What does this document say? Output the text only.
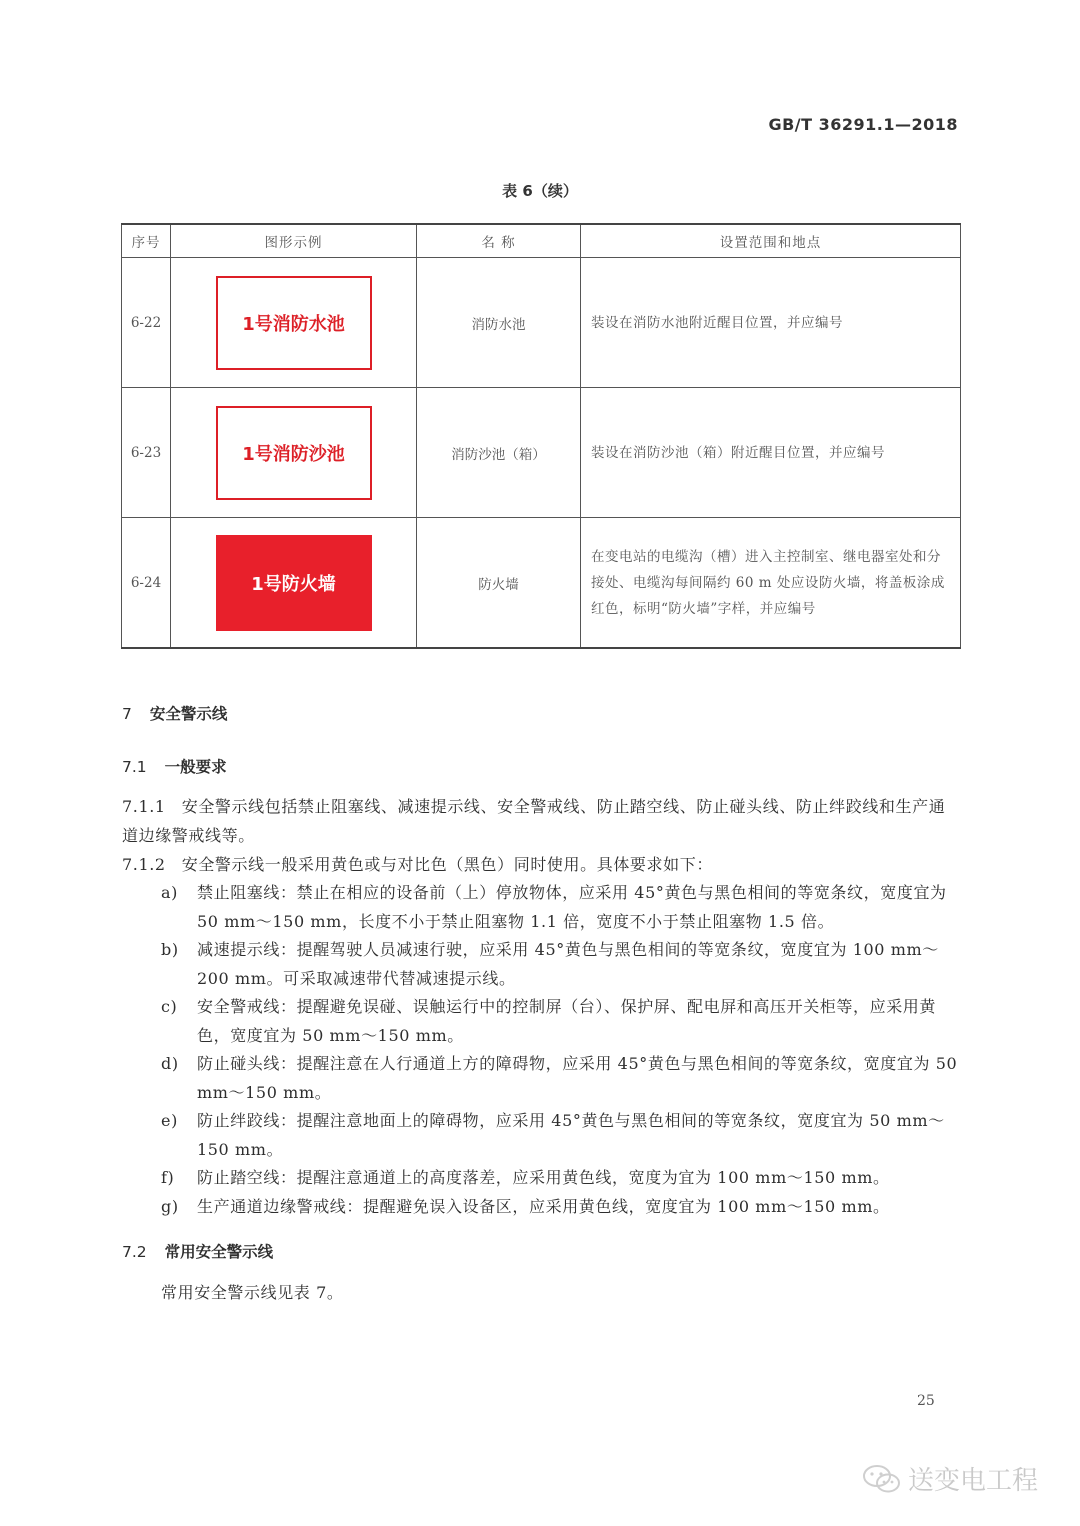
GB/T 36291.1—2018
表 6（续）
序号	图形示例	名 称	设置范围和地点
6-22	1号消防水池	消防水池	装设在消防水池附近醒目位置，并应编号
6-23	1号消防沙池	消防沙池（箱）	装设在消防沙池（箱）附近醒目位置，并应编号
6-24	1号防火墙	防火墙	在变电站的电缆沟（槽）进入主控制室、继电器室处和分接处、电缆沟每间隔约 60 m 处应设防火墙，将盖板涂成红色，标明“防火墙”字样，并应编号
7 安全警示线
7.1 一般要求
7.1.1 安全警示线包括禁止阻塞线、减速提示线、安全警戒线、防止踏空线、防止碰头线、防止绊跤线和生产通道边缘警戒线等。
7.1.2 安全警示线一般采用黄色或与对比色（黑色）同时使用。具体要求如下：
a)	禁止阻塞线：禁止在相应的设备前（上）停放物体，应采用 45°黄色与黑色相间的等宽条纹，宽度宜为 50 mm～150 mm，长度不小于禁止阻塞物 1.1 倍，宽度不小于禁止阻塞物 1.5 倍。
b)	减速提示线：提醒驾驶人员减速行驶，应采用 45°黄色与黑色相间的等宽条纹，宽度宜为 100 mm～200 mm。可采取减速带代替减速提示线。
c)	安全警戒线：提醒避免误碰、误触运行中的控制屏（台）、保护屏、配电屏和高压开关柜等，应采用黄色，宽度宜为 50 mm～150 mm。
d)	防止碰头线：提醒注意在人行通道上方的障碍物，应采用 45°黄色与黑色相间的等宽条纹，宽度宜为 50 mm～150 mm。
e)	防止绊跤线：提醒注意地面上的障碍物，应采用 45°黄色与黑色相间的等宽条纹，宽度宜为 50 mm～150 mm。
f)	防止踏空线：提醒注意通道上的高度落差，应采用黄色线，宽度为宜为 100 mm～150 mm。
g)	生产通道边缘警戒线：提醒避免误入设备区，应采用黄色线，宽度宜为 100 mm～150 mm。
7.2 常用安全警示线
常用安全警示线见表 7。
25
送变电工程
